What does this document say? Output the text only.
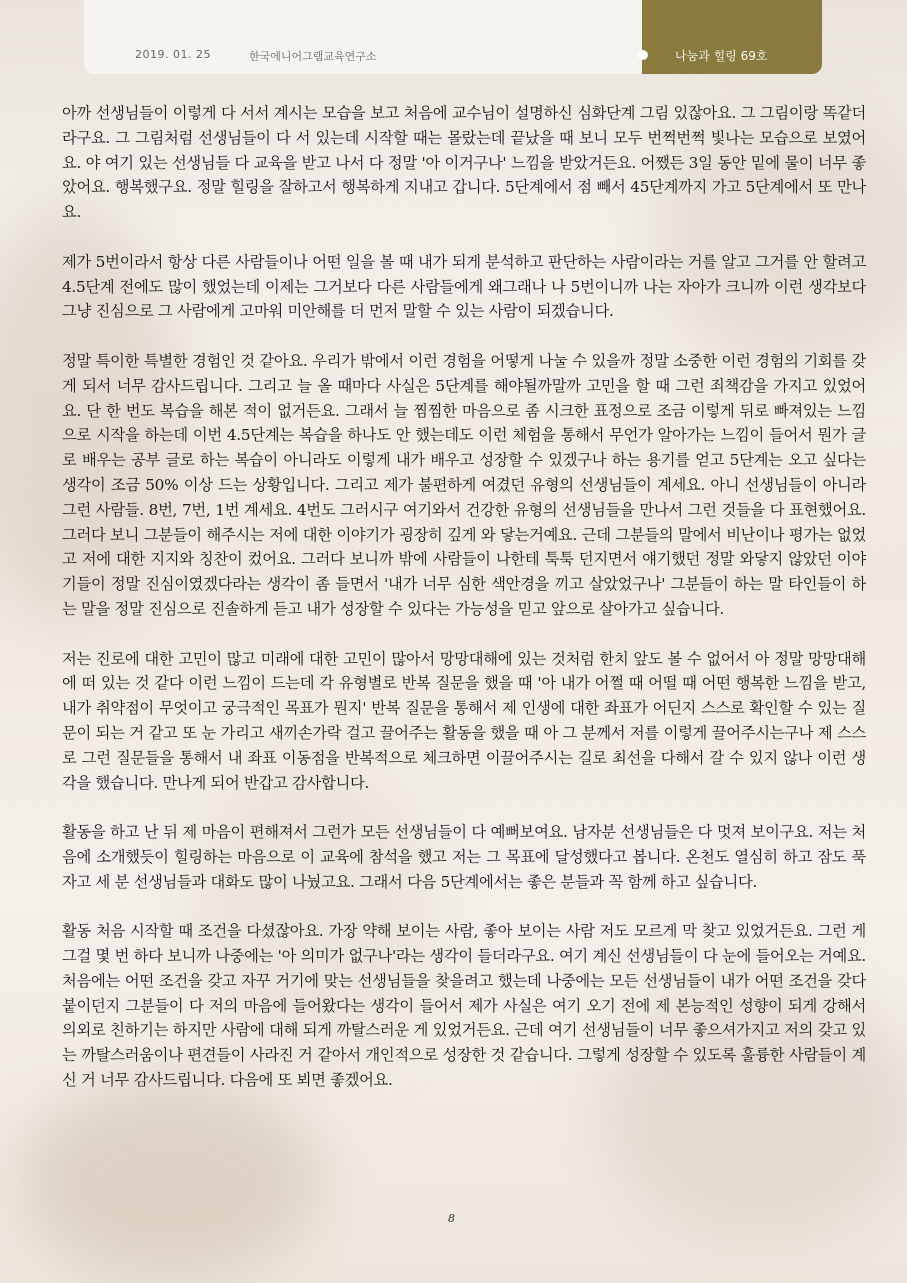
2019. 01. 25	한국에니어그램교육연구소	나눔과 힐링 69호

아까 선생님들이 이렇게 다 서서 계시는 모습을 보고 처음에 교수님이 설명하신 심화단계 그림 있잖아요. 그 그림이랑 똑같더라구요. 그 그림처럼 선생님들이 다 서 있는데 시작할 때는 몰랐는데 끝났을 때 보니 모두 번쩍번쩍 빛나는 모습으로 보였어요. 야 여기 있는 선생님들 다 교육을 받고 나서 다 정말 '아 이거구나' 느낌을 받았거든요. 어쨌든 3일 동안 밑에 물이 너무 좋았어요. 행복했구요. 정말 힐링을 잘하고서 행복하게 지내고 갑니다. 5단계에서 점 빼서 45단계까지 가고 5단계에서 또 만나요.

제가 5번이라서 항상 다른 사람들이나 어떤 일을 볼 때 내가 되게 분석하고 판단하는 사람이라는 거를 알고 그거를 안 할려고 4.5단계 전에도 많이 했었는데 이제는 그거보다 다른 사람들에게 왜그래나 나 5번이니까 나는 자아가 크니까 이런 생각보다 그냥 진심으로 그 사람에게 고마워 미안해를 더 먼저 말할 수 있는 사람이 되겠습니다.

정말 특이한 특별한 경험인 것 같아요. 우리가 밖에서 이런 경험을 어떻게 나눌 수 있을까 정말 소중한 이런 경험의 기회를 갖게 되서 너무 감사드립니다. 그리고 늘 올 때마다 사실은 5단계를 해야될까말까 고민을 할 때 그런 죄책감을 가지고 있었어요. 단 한 번도 복습을 해본 적이 없거든요. 그래서 늘 찜찜한 마음으로 좀 시크한 표정으로 조금 이렇게 뒤로 빠져있는 느낌으로 시작을 하는데 이번 4.5단계는 복습을 하나도 안 했는데도 이런 체험을 통해서 무언가 알아가는 느낌이 들어서 뭔가 글로 배우는 공부 글로 하는 복습이 아니라도 이렇게 내가 배우고 성장할 수 있겠구나 하는 용기를 얻고 5단계는 오고 싶다는 생각이 조금 50% 이상 드는 상황입니다. 그리고 제가 불편하게 여겼던 유형의 선생님들이 계세요. 아니 선생님들이 아니라 그런 사람들. 8번, 7번, 1번 계세요. 4번도 그러시구 여기와서 건강한 유형의 선생님들을 만나서 그런 것들을 다 표현했어요. 그러다 보니 그분들이 해주시는 저에 대한 이야기가 굉장히 깊게 와 닿는거예요. 근데 그분들의 말에서 비난이나 평가는 없었고 저에 대한 지지와 칭찬이 컸어요. 그러다 보니까 밖에 사람들이 나한테 툭툭 던지면서 얘기했던 정말 와닿지 않았던 이야기들이 정말 진심이였겠다라는 생각이 좀 들면서 '내가 너무 심한 색안경을 끼고 살았었구나' 그분들이 하는 말 타인들이 하는 말을 정말 진심으로 진솔하게 듣고 내가 성장할 수 있다는 가능성을 믿고 앞으로 살아가고 싶습니다.

저는 진로에 대한 고민이 많고 미래에 대한 고민이 많아서 망망대해에 있는 것처럼 한치 앞도 볼 수 없어서 아 정말 망망대해에 떠 있는 것 같다 이런 느낌이 드는데 각 유형별로 반복 질문을 했을 때 '아 내가 어쩔 때 어떨 때 어떤 행복한 느낌을 받고, 내가 취약점이 무엇이고 궁극적인 목표가 뭔지' 반복 질문을 통해서 제 인생에 대한 좌표가 어딘지 스스로 확인할 수 있는 질문이 되는 거 같고 또 눈 가리고 새끼손가락 걸고 끌어주는 활동을 했을 때 아 그 분께서 저를 이렇게 끌어주시는구나 제 스스로 그런 질문들을 통해서 내 좌표 이동점을 반복적으로 체크하면 이끌어주시는 길로 최선을 다해서 갈 수 있지 않나 이런 생각을 했습니다. 만나게 되어 반갑고 감사합니다.

활동을 하고 난 뒤 제 마음이 편해져서 그런가 모든 선생님들이 다 예뻐보여요. 남자분 선생님들은 다 멋져 보이구요. 저는 처음에 소개했듯이 힐링하는 마음으로 이 교육에 참석을 했고 저는 그 목표에 달성했다고 봅니다. 온천도 열심히 하고 잠도 푹 자고 세 분 선생님들과 대화도 많이 나눴고요. 그래서 다음 5단계에서는 좋은 분들과 꼭 함께 하고 싶습니다.

활동 처음 시작할 때 조건을 다셨잖아요. 가장 약해 보이는 사람, 좋아 보이는 사람 저도 모르게 막 찾고 있었거든요. 그런 게 그걸 몇 번 하다 보니까 나중에는 '아 의미가 없구나'라는 생각이 들더라구요. 여기 계신 선생님들이 다 눈에 들어오는 거예요. 처음에는 어떤 조건을 갖고 자꾸 거기에 맞는 선생님들을 찾을려고 했는데 나중에는 모든 선생님들이 내가 어떤 조건을 갖다 붙이던지 그분들이 다 저의 마음에 들어왔다는 생각이 들어서 제가 사실은 여기 오기 전에 제 본능적인 성향이 되게 강해서 의외로 친하기는 하지만 사람에 대해 되게 까탈스러운 게 있었거든요. 근데 여기 선생님들이 너무 좋으셔가지고 저의 갖고 있는 까탈스러움이나 편견들이 사라진 거 같아서 개인적으로 성장한 것 같습니다. 그렇게 성장할 수 있도록 훌륭한 사람들이 계신 거 너무 감사드립니다. 다음에 또 뵈면 좋겠어요.

8
